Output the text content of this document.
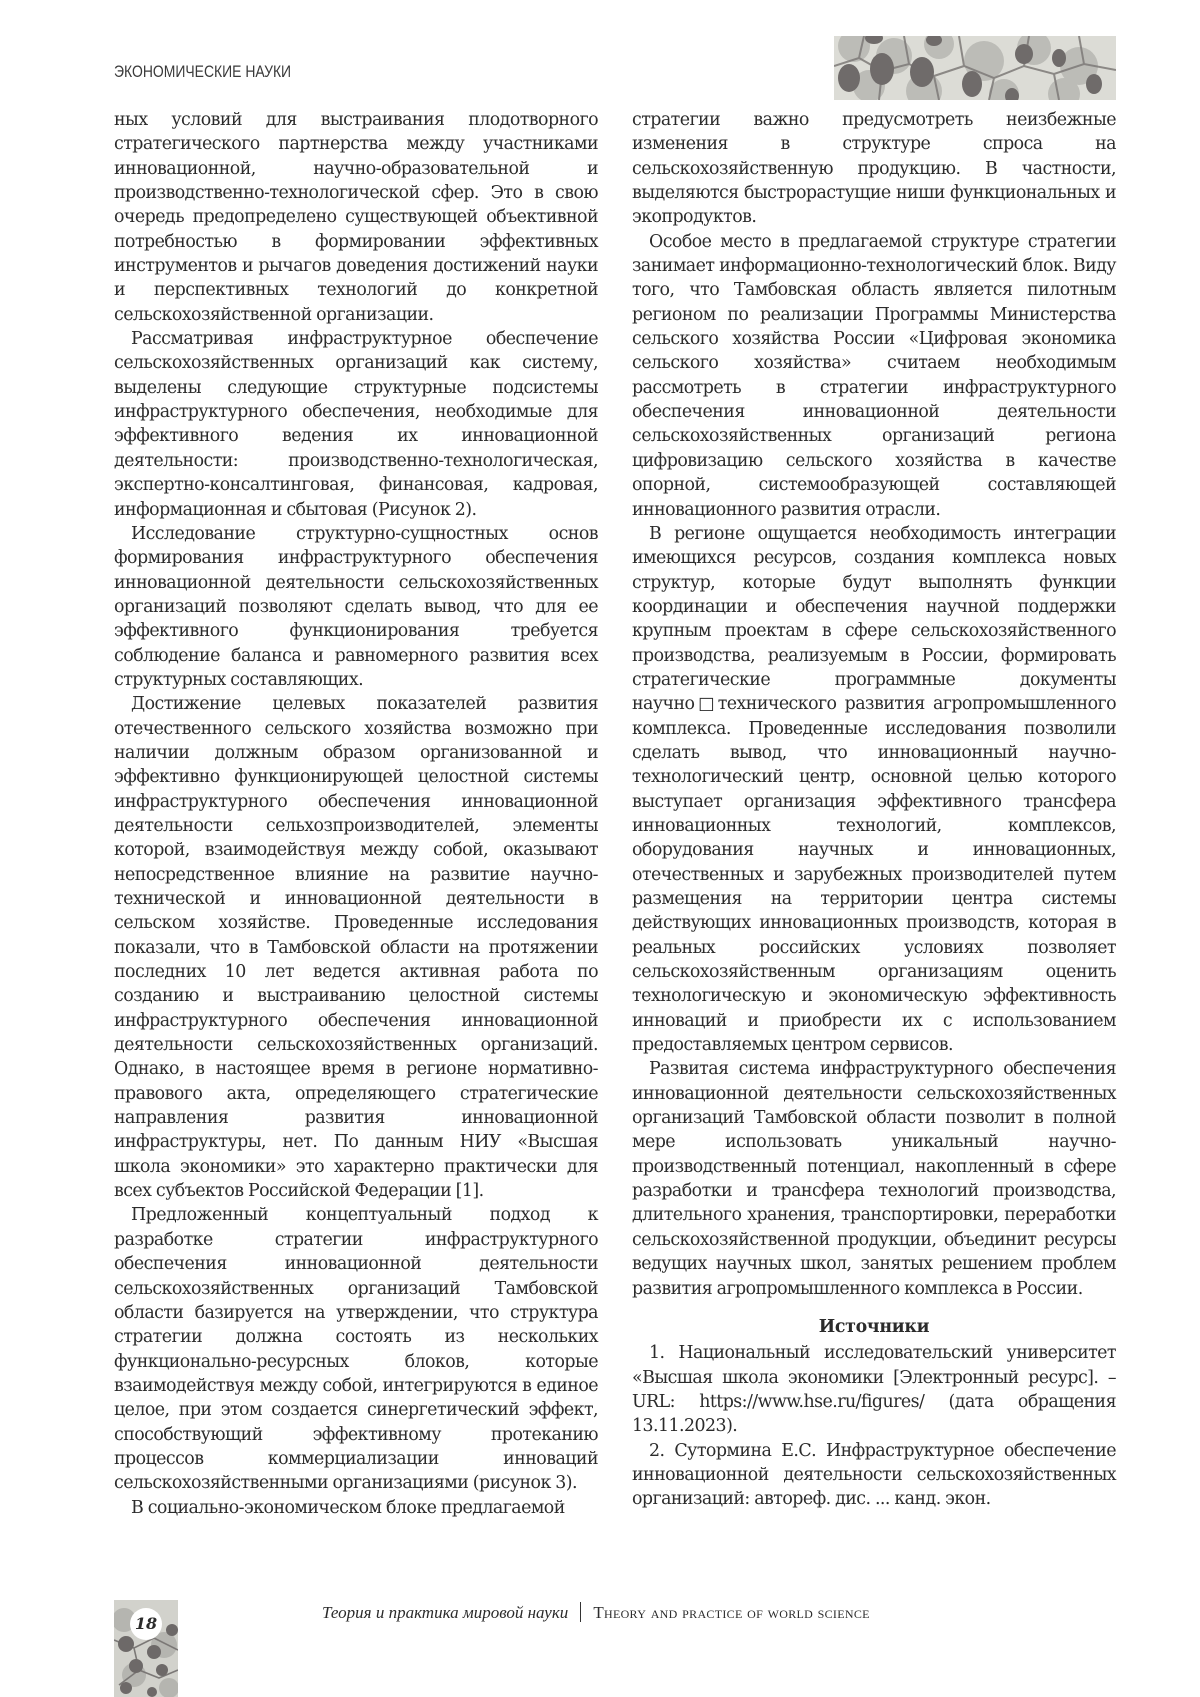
ЭКОНОМИЧЕСКИЕ НАУКИ

ных условий для выстраивания плодотворного стратегического партнерства между участниками инновационной, научно-образовательной и производственно-технологической сфер. Это в свою очередь предопределено существующей объективной потребностью в формировании эффективных инструментов и рычагов доведения достижений науки и перспективных технологий до конкретной сельскохозяйственной организации.

Рассматривая инфраструктурное обеспечение сельскохозяйственных организаций как систему, выделены следующие структурные подсистемы инфраструктурного обеспечения, необходимые для эффективного ведения их инновационной деятельности: производственно-технологическая, экспертно-консалтинговая, финансовая, кадровая, информационная и сбытовая (Рисунок 2).

Исследование структурно-сущностных основ формирования инфраструктурного обеспечения инновационной деятельности сельскохозяйственных организаций позволяют сделать вывод, что для ее эффективного функционирования требуется соблюдение баланса и равномерного развития всех структурных составляющих.

Достижение целевых показателей развития отечественного сельского хозяйства возможно при наличии должным образом организованной и эффективно функционирующей целостной системы инфраструктурного обеспечения инновационной деятельности сельхозпроизводителей, элементы которой, взаимодействуя между собой, оказывают непосредственное влияние на развитие научно-технической и инновационной деятельности в сельском хозяйстве. Проведенные исследования показали, что в Тамбовской области на протяжении последних 10 лет ведется активная работа по созданию и выстраиванию целостной системы инфраструктурного обеспечения инновационной деятельности сельскохозяйственных организаций. Однако, в настоящее время в регионе нормативно-правового акта, определяющего стратегические направления развития инновационной инфраструктуры, нет. По данным НИУ «Высшая школа экономики» это характерно практически для всех субъектов Российской Федерации [1].

Предложенный концептуальный подход к разработке стратегии инфраструктурного обеспечения инновационной деятельности сельскохозяйственных организаций Тамбовской области базируется на утверждении, что структура стратегии должна состоять из нескольких функционально-ресурсных блоков, которые взаимодействуя между собой, интегрируются в единое целое, при этом создается синергетический эффект, способствующий эффективному протеканию процессов коммерциализации инноваций сельскохозяйственными организациями (рисунок 3).

В социально-экономическом блоке предлагаемой

стратегии важно предусмотреть неизбежные изменения в структуре спроса на сельскохозяйственную продукцию. В частности, выделяются быстрорастущие ниши функциональных и экопродуктов.

Особое место в предлагаемой структуре стратегии занимает информационно-технологический блок. Виду того, что Тамбовская область является пилотным регионом по реализации Программы Министерства сельского хозяйства России «Цифровая экономика сельского хозяйства» считаем необходимым рассмотреть в стратегии инфраструктурного обеспечения инновационной деятельности сельскохозяйственных организаций региона цифровизацию сельского хозяйства в качестве опорной, системообразующей составляющей инновационного развития отрасли.

В регионе ощущается необходимость интеграции имеющихся ресурсов, создания комплекса новых структур, которые будут выполнять функции координации и обеспечения научной поддержки крупным проектам в сфере сельскохозяйственного производства, реализуемым в России, формировать стратегические программные документы научно□технического развития агропромышленного комплекса. Проведенные исследования позволили сделать вывод, что инновационный научно-технологический центр, основной целью которого выступает организация эффективного трансфера инновационных технологий, комплексов, оборудования научных и инновационных, отечественных и зарубежных производителей путем размещения на территории центра системы действующих инновационных производств, которая в реальных российских условиях позволяет сельскохозяйственным организациям оценить технологическую и экономическую эффективность инноваций и приобрести их с использованием предоставляемых центром сервисов.

Развитая система инфраструктурного обеспечения инновационной деятельности сельскохозяйственных организаций Тамбовской области позволит в полной мере использовать уникальный научно-производственный потенциал, накопленный в сфере разработки и трансфера технологий производства, длительного хранения, транспортировки, переработки сельскохозяйственной продукции, объединит ресурсы ведущих научных школ, занятых решением проблем развития агропромышленного комплекса в России.

Источники

1. Национальный исследовательский университет «Высшая школа экономики [Электронный ресурс]. – URL: https://www.hse.ru/figures/ (дата обращения 13.11.2023).

2. Сутормина Е.С. Инфраструктурное обеспечение инновационной деятельности сельскохозяйственных организаций: автореф. дис. ... канд. экон.

18
Теория и практика мировой науки Theory and practice of world science
